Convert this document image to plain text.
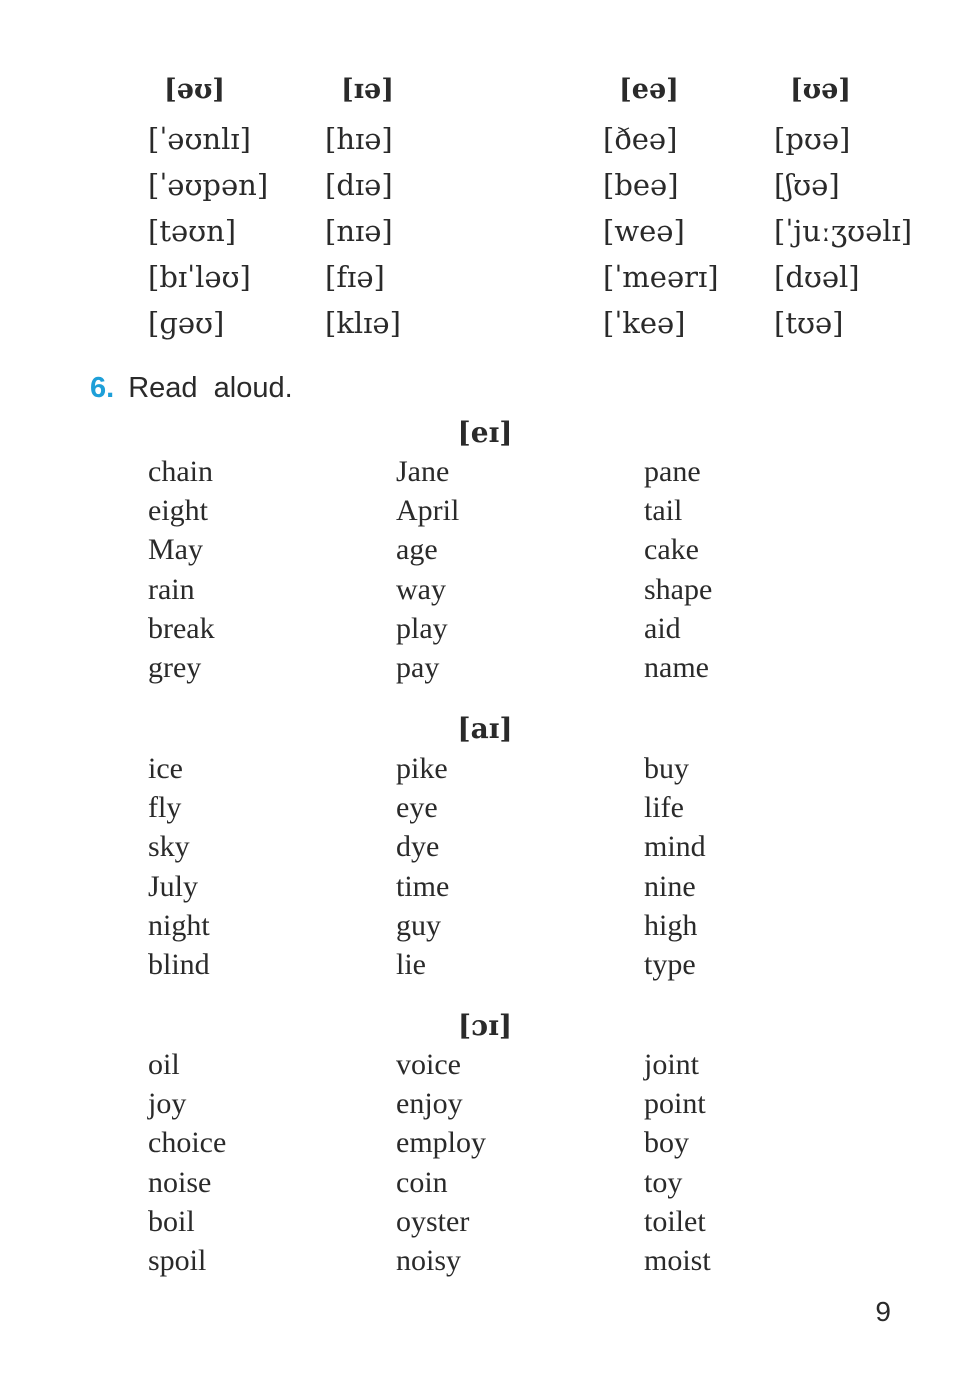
[əʊ]
[ˈəʊnlɪ]
[ˈəʊpən]
[təʊn]
[bɪˈləʊ]
[ɡəʊ]
[ɪə]
[hɪə]
[dɪə]
[nɪə]
[fɪə]
[klɪə]
[eə]
[ðeə]
[beə]
[weə]
[ˈmeərɪ]
[ˈkeə]
[ʊə]
[pʊə]
[ʃʊə]
[ˈjuːʒʊəlɪ]
[dʊəl]
[tʊə]
6. Read  aloud.
[eɪ]
chain
eight
May
rain
break
grey
Jane
April
age
way
play
pay
pane
tail
cake
shape
aid
name
[aɪ]
ice
fly
sky
July
night
blind
pike
eye
dye
time
guy
lie
buy
life
mind
nine
high
type
[ɔɪ]
oil
joy
choice
noise
boil
spoil
voice
enjoy
employ
coin
oyster
noisy
joint
point
boy
toy
toilet
moist
9
